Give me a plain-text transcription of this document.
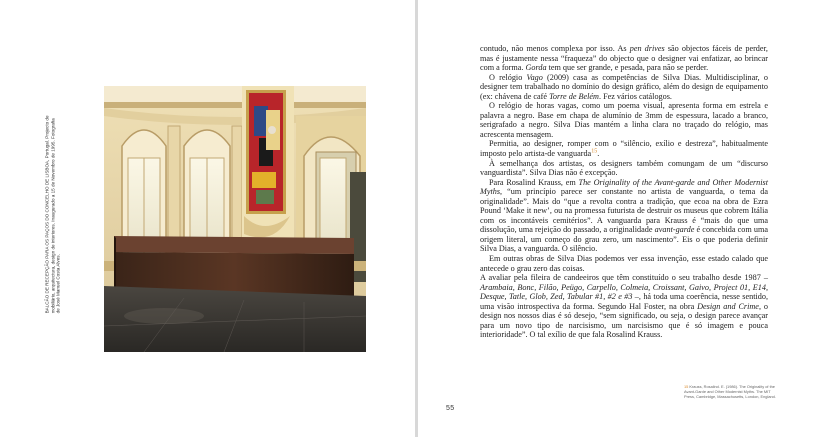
BALCÃO DE RECEPÇÃO PARA OS PAÇOS DO CONCELHO DE LISBOA, Portugal. Projecto de mobiliário, arquitectura, design de interiores. Inaugurado a 15 de Novembro de 1995. Fotografia de José Manuel Costa Alves.

contudo, não menos complexa por isso. As pen drives são objectos fáceis de perder, mas é justamente nessa “fraqueza” do objecto que o designer vai enfatizar, ao brincar com a forma. Gorda tem que ser grande, e pesada, para não se perder.

O relógio Vago (2009) casa as competências de Silva Dias. Multidisciplinar, o designer tem trabalhado no domínio do design gráfico, além do design de equipamento (ex: chávena de café Torre de Belém. Fez vários catálogos.

O relógio de horas vagas, como um poema visual, apresenta forma em estrela e palavra a negro. Base em chapa de alumínio de 3mm de espessura, lacado a branco, serigrafado a negro. Silva Dias mantém a linha clara no traçado do relógio, mas acrescenta mensagem.

Permitia, ao designer, romper com o “silêncio, exílio e destreza”, habitualmente imposto pelo artista-de vanguarda$^{15}$.

À semelhança dos artistas, os designers também comungam de um “discurso vanguardista”. Silva Dias não é excepção.

Para Rosalind Krauss, em The Originality of the Avant-garde and Other Modernist Myths, “um princípio parece ser constante no artista de vanguarda, o tema da originalidade”. Mais do “que a revolta contra a tradição, que ecoa na obra de Ezra Pound ‘Make it new’, ou na promessa futurista de destruir os museus que cobrem Itália com os incontáveis cemitérios”. A vanguarda para Krauss é “mais do que uma dissolução, uma rejeição do passado, a originalidade avant-garde é concebida com uma origem literal, um começo do grau zero, um nascimento”. Eis o que poderia definir Silva Dias, a vanguarda. O silêncio.

Em outras obras de Silva Dias podemos ver essa invenção, esse estado calado que antecede o grau zero das coisas.

A avaliar pela fileira de candeeiros que têm constituído o seu trabalho desde 1987 – Arambaia, Bonc, Filão, Peügo, Carpello, Colmeia, Croissant, Gaivo, Project 01, E14, Desque, Tatle, Glob, Zed, Tabular #1, #2 e #3 –, há toda uma coerência, nesse sentido, uma visão introspectiva da forma. Segundo Hal Foster, na obra Design and Crime, o design nos nossos dias é só desejo, “sem significado, ou seja, o design parece avançar para um novo tipo de narcisismo, um narcisismo que é só imagem e pouca interioridade”. O tal exílio de que fala Rosalind Krauss.

15 Krauss, Rosalind. E. (1986). The Originality of the Avant-Garde and Other Modernist Myths. The MIT Press, Cambridge, Massachusetts, London, England.
55
